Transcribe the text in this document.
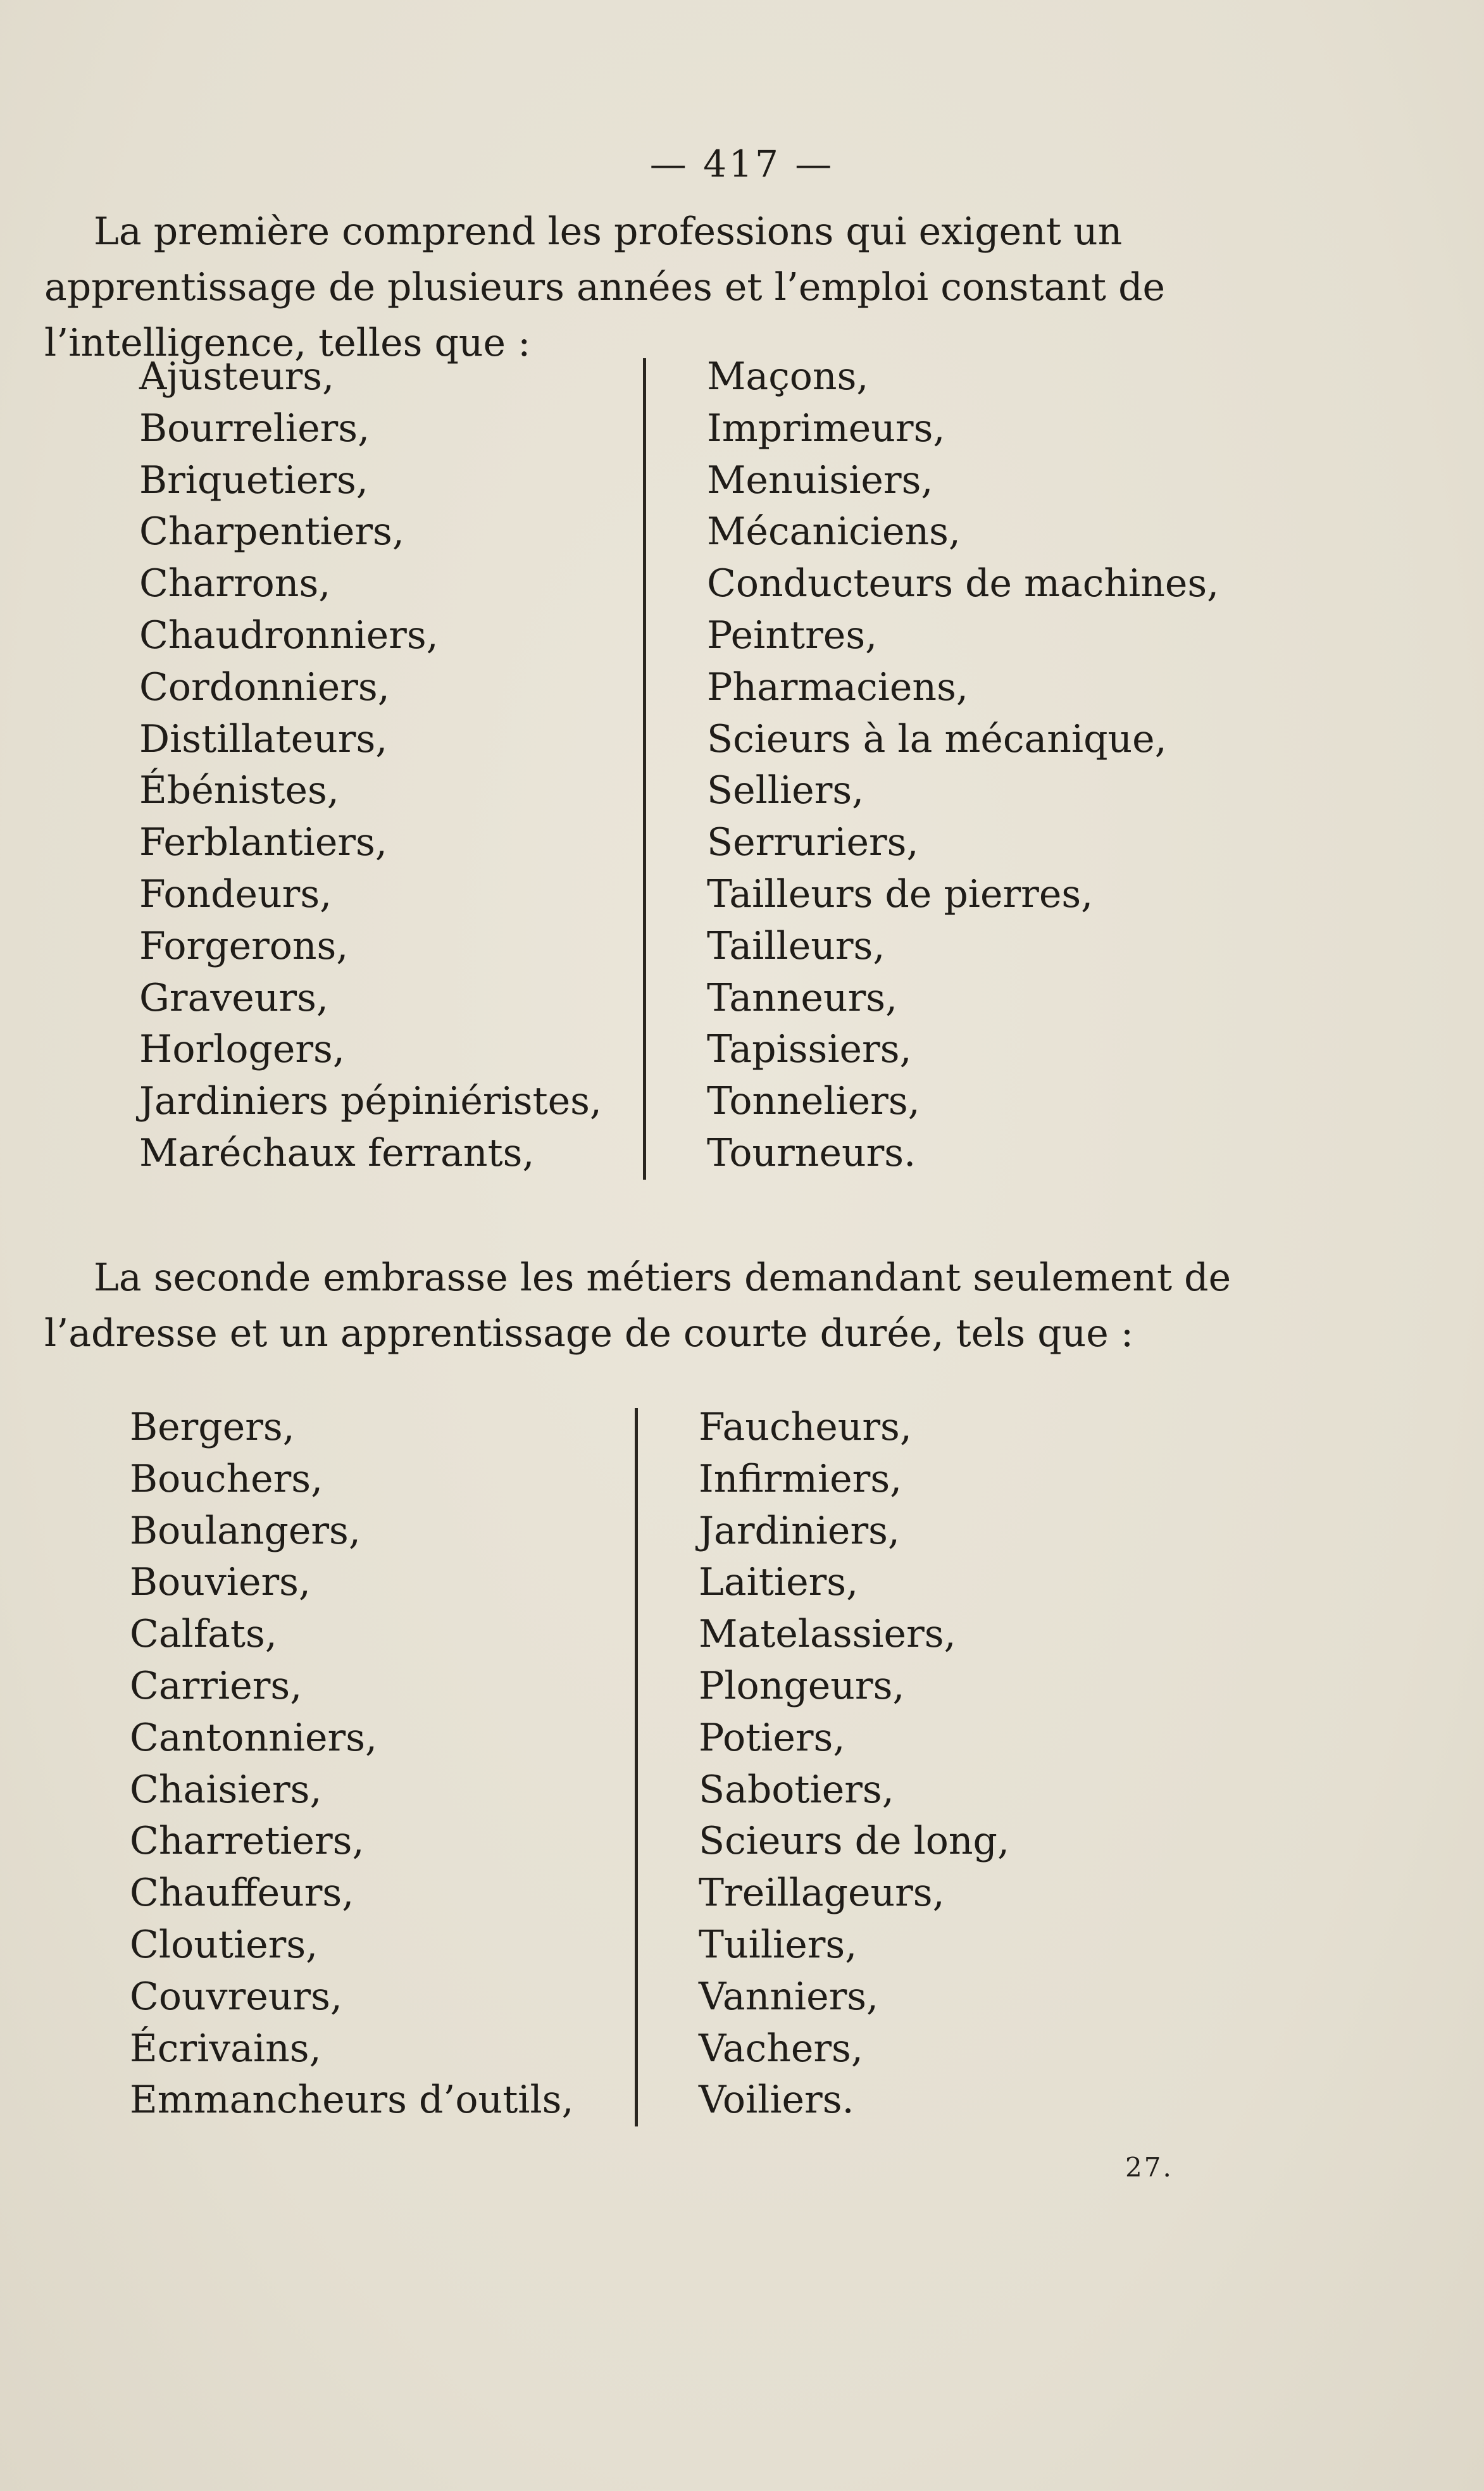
— 417 —

La première comprend les professions qui exigent un apprentissage de plusieurs années et l’emploi constant de l’intelligence, telles que :

Ajusteurs,
Bourreliers,
Briquetiers,
Charpentiers,
Charrons,
Chaudronniers,
Cordonniers,
Distillateurs,
Ébénistes,
Ferblantiers,
Fondeurs,
Forgerons,
Graveurs,
Horlogers,
Jardiniers pépiniéristes,
Maréchaux ferrants,
Maçons,
Imprimeurs,
Menuisiers,
Mécaniciens,
Conducteurs de machines,
Peintres,
Pharmaciens,
Scieurs à la mécanique,
Selliers,
Serruriers,
Tailleurs de pierres,
Tailleurs,
Tanneurs,
Tapissiers,
Tonneliers,
Tourneurs.

La seconde embrasse les métiers demandant seulement de l’adresse et un apprentissage de courte durée, tels que :

Bergers,
Bouchers,
Boulangers,
Bouviers,
Calfats,
Carriers,
Cantonniers,
Chaisiers,
Charretiers,
Chauffeurs,
Cloutiers,
Couvreurs,
Écrivains,
Emmancheurs d’outils,
Faucheurs,
Infirmiers,
Jardiniers,
Laitiers,
Matelassiers,
Plongeurs,
Potiers,
Sabotiers,
Scieurs de long,
Treillageurs,
Tuiliers,
Vanniers,
Vachers,
Voiliers.
27.
